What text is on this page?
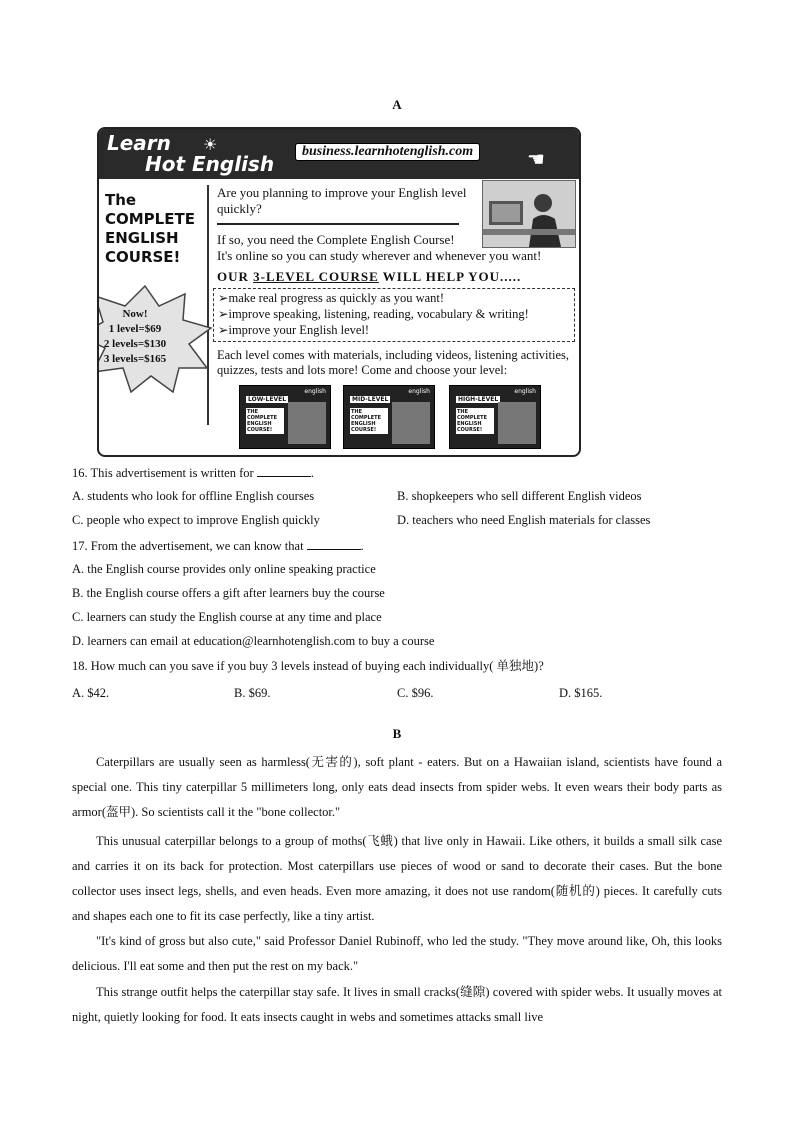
A
Learn
Hot English
☀	business.learnhotenglish.com	☚
The
COMPLETE
ENGLISH
COURSE!
Now!
1 level=$69
2 levels=$130
3 levels=$165
Are you planning to improve your English level quickly?
If so, you need the Complete English Course!
It's online so you can study wherever and whenever you want!
OUR 3-LEVEL COURSE WILL HELP YOU.....
➢make real progress as quickly as you want!
➢improve speaking, listening, reading, vocabulary & writing!
➢improve your English level!
Each level comes with materials, including videos, listening activities, quizzes, tests and lots more! Come and choose your level:
english
LOW-LEVEL
THE COMPLETE ENGLISH COURSE!
english
MID-LEVEL
THE COMPLETE ENGLISH COURSE!
english
HIGH-LEVEL
THE COMPLETE ENGLISH COURSE!
16. This advertisement is written for	.
A. students who look for offline English courses	B. shopkeepers who sell different English videos
C. people who expect to improve English quickly	D. teachers who need English materials for classes
17. From the advertisement, we can know that	.
A. the English course provides only online speaking practice
B. the English course offers a gift after learners buy the course
C. learners can study the English course at any time and place
D. learners can email at education@learnhotenglish.com to buy a course
18. How much can you save if you buy 3 levels instead of buying each individually( 单独地)?
A. $42.	B. $69.	C. $96.	D. $165.
B
Caterpillars are usually seen as harmless(无害的), soft plant - eaters. But on a Hawaiian island, scientists have found a special one. This tiny caterpillar 5 millimeters long, only eats dead insects from spider webs. It even wears their body parts as armor(盔甲). So scientists call it the "bone collector."
This unusual caterpillar belongs to a group of moths(飞蛾) that live only in Hawaii. Like others, it builds a small silk case and carries it on its back for protection. Most caterpillars use pieces of wood or sand to decorate their cases. But the bone collector uses insect legs, shells, and even heads. Even more amazing, it does not use random(随机的) pieces. It carefully cuts and shapes each one to fit its case perfectly, like a tiny artist.
"It's kind of gross but also cute," said Professor Daniel Rubinoff, who led the study. "They move around like, Oh, this looks delicious. I'll eat some and then put the rest on my back."
This strange outfit helps the caterpillar stay safe. It lives in small cracks(缝隙) covered with spider webs. It usually moves at night, quietly looking for food. It eats insects caught in webs and sometimes attacks small live
